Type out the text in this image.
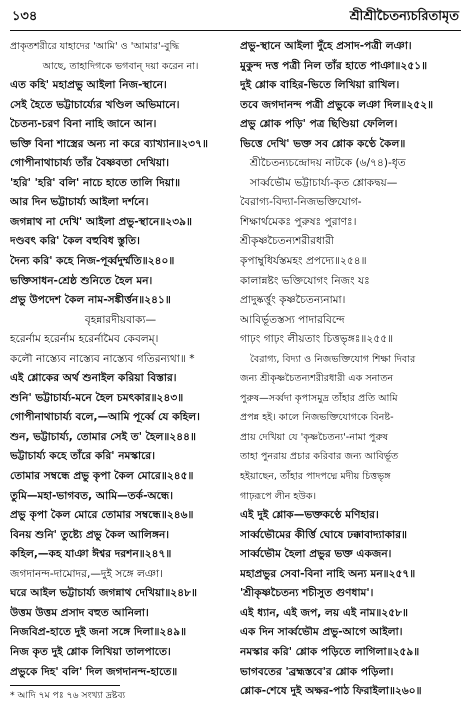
১৩৪	শ্রীশ্রীচৈতন্যচরিতামৃত
প্রাকৃতশরীরে যাহাদের 'আমি' ও 'আমার'-বুদ্ধি
আছে, তাহাদিগকে ভগবান্ দয়া করেন না।
এত কহি' মহাপ্রভু আইলা নিজ-স্থানে।
সেই হৈতে ভট্টাচার্য্যের খণ্ডিল অভিমানে।
চৈতন্য-চরণ বিনা নাহি জানে আন।
ভক্তি বিনা শাস্ত্রের অন্য না করে ব্যাখ্যান॥২৩৭॥
গোপীনাথাচার্য্য তাঁর বৈষ্ণবতা দেখিয়া।
'হরি' 'হরি' বলি' নাচে হাতে তালি দিয়া॥
আর দিন ভট্টাচার্য্য আইলা দর্শনে।
জগন্নাথ না দেখি' আইলা প্রভু-স্থানে॥২৩৯॥
দণ্ডবৎ করি' কৈল বহুবিধ স্তুতি।
দৈন্য করি' কহে নিজ-পূর্ব্বদুর্ম্মতি॥২৪০॥
ভক্তিসাধন-শ্রেষ্ঠ শুনিতে হৈল মন।
প্রভু উপদেশ কৈল নাম-সঙ্কীর্ত্তন॥২৪১॥
বৃহন্নারদীয়বাক্য—
হরের্নাম হরের্নাম হরের্নামৈব কেবলম্।
কলৌ নাস্ত্যেব নাস্ত্যেব নাস্ত্যেব গতিরন্যথা॥ *
এই শ্লোকের অর্থ শুনাইল করিয়া বিস্তার।
শুনি' ভট্টাচার্য্য-মনে হৈল চমৎকার॥২৪৩॥
গোপীনাথাচার্য্য বলে,—আমি পূর্ব্বে যে কহিল।
শুন, ভট্টাচার্য্য, তোমার সেই ত' হৈল॥২৪৪॥
ভট্টাচার্য্য কহে তাঁরে করি' নমস্কারে।
তোমার সম্বন্ধে প্রভু কৃপা কৈল মোরে॥২৪৫॥
তুমি—মহা-ভাগবত, আমি—তর্ক-অন্ধে।
প্রভু কৃপা কৈল মোরে তোমার সম্বন্ধে॥২৪৬॥
বিনয় শুনি' তুষ্ট্যে প্রভু কৈল আলিঙ্গন।
কহিল,—কহ যাঞা ঈশ্বর দরশন॥২৪৭॥
জগদানন্দ-দামোদর,—দুই সঙ্গে লঞা।
ঘরে আইল ভট্টাচার্য্য জগন্নাথ দেখিয়া॥২৪৮॥
উত্তম উত্তম প্রসাদ বহুত আনিলা।
নিজবিপ্র-হাতে দুই জনা সঙ্গে দিলা॥২৪৯॥
নিজ কৃত দুই শ্লোক লিখিয়া তালপাতে।
প্রভুকে দিহ' বলি' দিল জগদানন্দ-হাতে॥
* আদি ৭ম পঃ ৭৬ সংখ্যা দ্রষ্টব্য
প্রভু-স্থানে আইলা দুঁহে প্রসাদ-পত্রী লঞা।
মুকুন্দ দত্ত পত্রী নিল তাঁর হাতে পাঞা॥২৫১॥
দুই শ্লোক বাহির-ভিতে লিখিয়া রাখিল।
তবে জগদানন্দ পত্রী প্রভুকে লঞা দিল॥২৫২॥
প্রভু শ্লোক পড়ি' পত্র ছিণ্ডিয়া ফেলিল।
ভিত্তে দেখি' ভক্ত সব শ্লোক কণ্ঠে কৈল॥
শ্রীচৈতন্যচন্দ্রোদয় নাটকে (৬/৭৪)-ধৃত
সার্ব্বভৌম ভট্টাচার্য্য-কৃত শ্লোকদ্বয়—
বৈরাগ্য-বিদ্যা-নিজভক্তিযোগ-
শিক্ষার্থমেকঃ পুরুষঃ পুরাণঃ।
শ্রীকৃষ্ণচৈতন্যশরীরধারী
কৃপাম্বুধির্যস্তমহং প্রপদ্যে॥২৫৪॥
কালান্নষ্টং ভক্তিযোগং নিজং যঃ
প্রাদুষ্কর্ত্তুং কৃষ্ণচৈতন্যনামা।
আবির্ভূতস্তস্য পাদারবিন্দে
গাঢ়ং গাঢ়ং লীয়তাং চিত্তভৃঙ্গঃ॥২৫৫॥
বৈরাগ্য, বিদ্যা ও নিজভক্তিযোগ শিক্ষা দিবার
জন্য শ্রীকৃষ্ণচৈতন্যশরীরধারী এক সনাতন
পুরুষ—সর্ব্বদা কৃপাসমুদ্র তাঁহার প্রতি আমি
প্রপন্ন হই। কালে নিজভক্তিযোগকে বিনষ্ট-
প্রায় দেখিয়া যে 'কৃষ্ণচৈতন্য'-নামা পুরুষ
তাহা পুনরায় প্রচার করিবার জন্য আবির্ভূত
হইয়াছেন, তাঁহার পাদপদ্মে মদীয় চিত্তভৃঙ্গ
গাঢ়রূপে লীন হউক।
এই দুই শ্লোক—ভক্তকণ্ঠে মণিহার।
সার্ব্বভৌমের কীর্ত্তি ঘোষে ঢক্কাবাদ্যাকার॥
সার্ব্বভৌম হৈলা প্রভুর ভক্ত একজন।
মহাপ্রভুর সেবা-বিনা নাহি অন্য মন॥২৫৭॥
'শ্রীকৃষ্ণচৈতন্য শচীসুত গুণধাম'।
এই ধ্যান, এই জপ, লয় এই নাম॥২৫৮॥
এক দিন সার্ব্বভৌম প্রভু-আগে আইলা।
নমস্কার করি' শ্লোক পড়িতে লাগিলা॥২৫৯॥
ভাগবতের 'ব্রহ্মস্তবে'র শ্লোক পড়িলা।
শ্লোক-শেষে দুই অক্ষর-পাঠ ফিরাইলা॥২৬০॥
